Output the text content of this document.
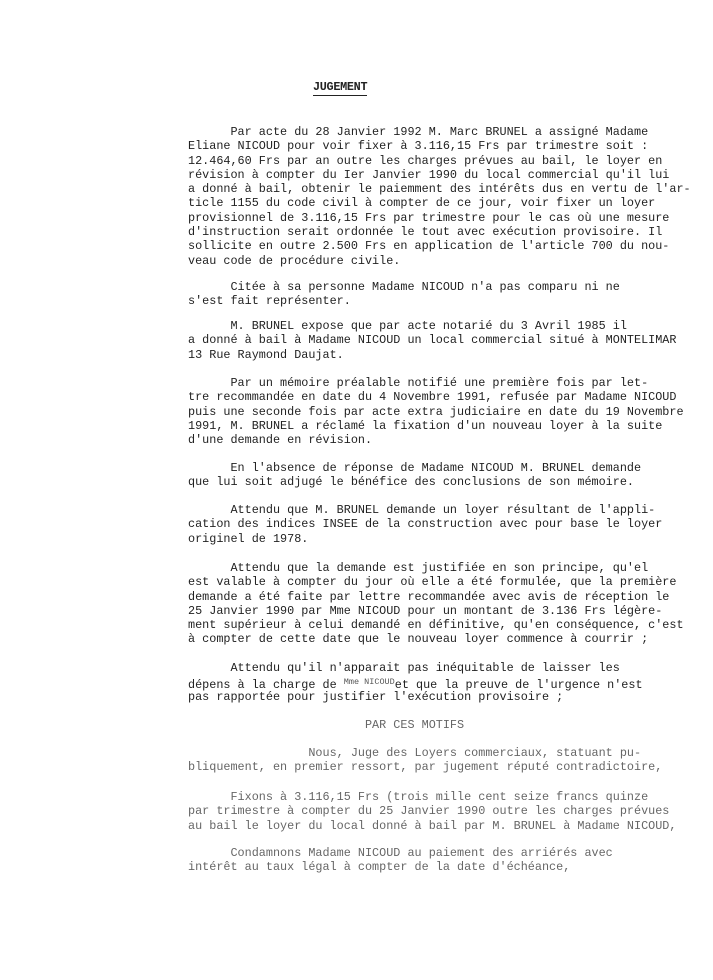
JUGEMENT
Par acte du 28 Janvier 1992 M. Marc BRUNEL a assigné Madame
Eliane NICOUD pour voir fixer à 3.116,15 Frs par trimestre soit :
12.464,60 Frs par an outre les charges prévues au bail, le loyer en
révision à compter du Ier Janvier 1990 du local commercial qu'il lui
a donné à bail, obtenir le paiemment des intérêts dus en vertu de l'ar-
ticle 1155 du code civil à compter de ce jour, voir fixer un loyer
provisionnel de 3.116,15 Frs par trimestre pour le cas où une mesure
d'instruction serait ordonnée le tout avec exécution provisoire. Il
sollicite en outre 2.500 Frs en application de l'article 700 du nou-
veau code de procédure civile.
Citée à sa personne Madame NICOUD n'a pas comparu ni ne
s'est fait représenter.
M. BRUNEL expose que par acte notarié du 3 Avril 1985 il
a donné à bail à Madame NICOUD un local commercial situé à MONTELIMAR
13 Rue Raymond Daujat.
Par un mémoire préalable notifié une première fois par let-
tre recommandée en date du 4 Novembre 1991, refusée par Madame NICOUD
puis une seconde fois par acte extra judiciaire en date du 19 Novembre
1991, M. BRUNEL a réclamé la fixation d'un nouveau loyer à la suite
d'une demande en révision.
En l'absence de réponse de Madame NICOUD M. BRUNEL demande
que lui soit adjugé le bénéfice des conclusions de son mémoire.
Attendu que M. BRUNEL demande un loyer résultant de l'appli-
cation des indices INSEE de la construction avec pour base le loyer
originel de 1978.
Attendu que la demande est justifiée en son principe, qu'el
est valable à compter du jour où elle a été formulée, que la première
demande a été faite par lettre recommandée avec avis de réception le
25 Janvier 1990 par Mme NICOUD pour un montant de 3.136 Frs légère-
ment supérieur à celui demandé en définitive, qu'en conséquence, c'est
à compter de cette date que le nouveau loyer commence à courrir ;
Attendu qu'il n'apparait pas inéquitable de laisser les
dépens à la charge de $^{Mme NICOUD}$et que la preuve de l'urgence n'est
pas rapportée pour justifier l'exécution provisoire ;
PAR CES MOTIFS
Nous, Juge des Loyers commerciaux, statuant pu-
bliquement, en premier ressort, par jugement réputé contradictoire,
Fixons à 3.116,15 Frs (trois mille cent seize francs quinze
par trimestre à compter du 25 Janvier 1990 outre les charges prévues
au bail le loyer du local donné à bail par M. BRUNEL à Madame NICOUD,
Condamnons Madame NICOUD au paiement des arriérés avec
intérêt au taux légal à compter de la date d'échéance,
